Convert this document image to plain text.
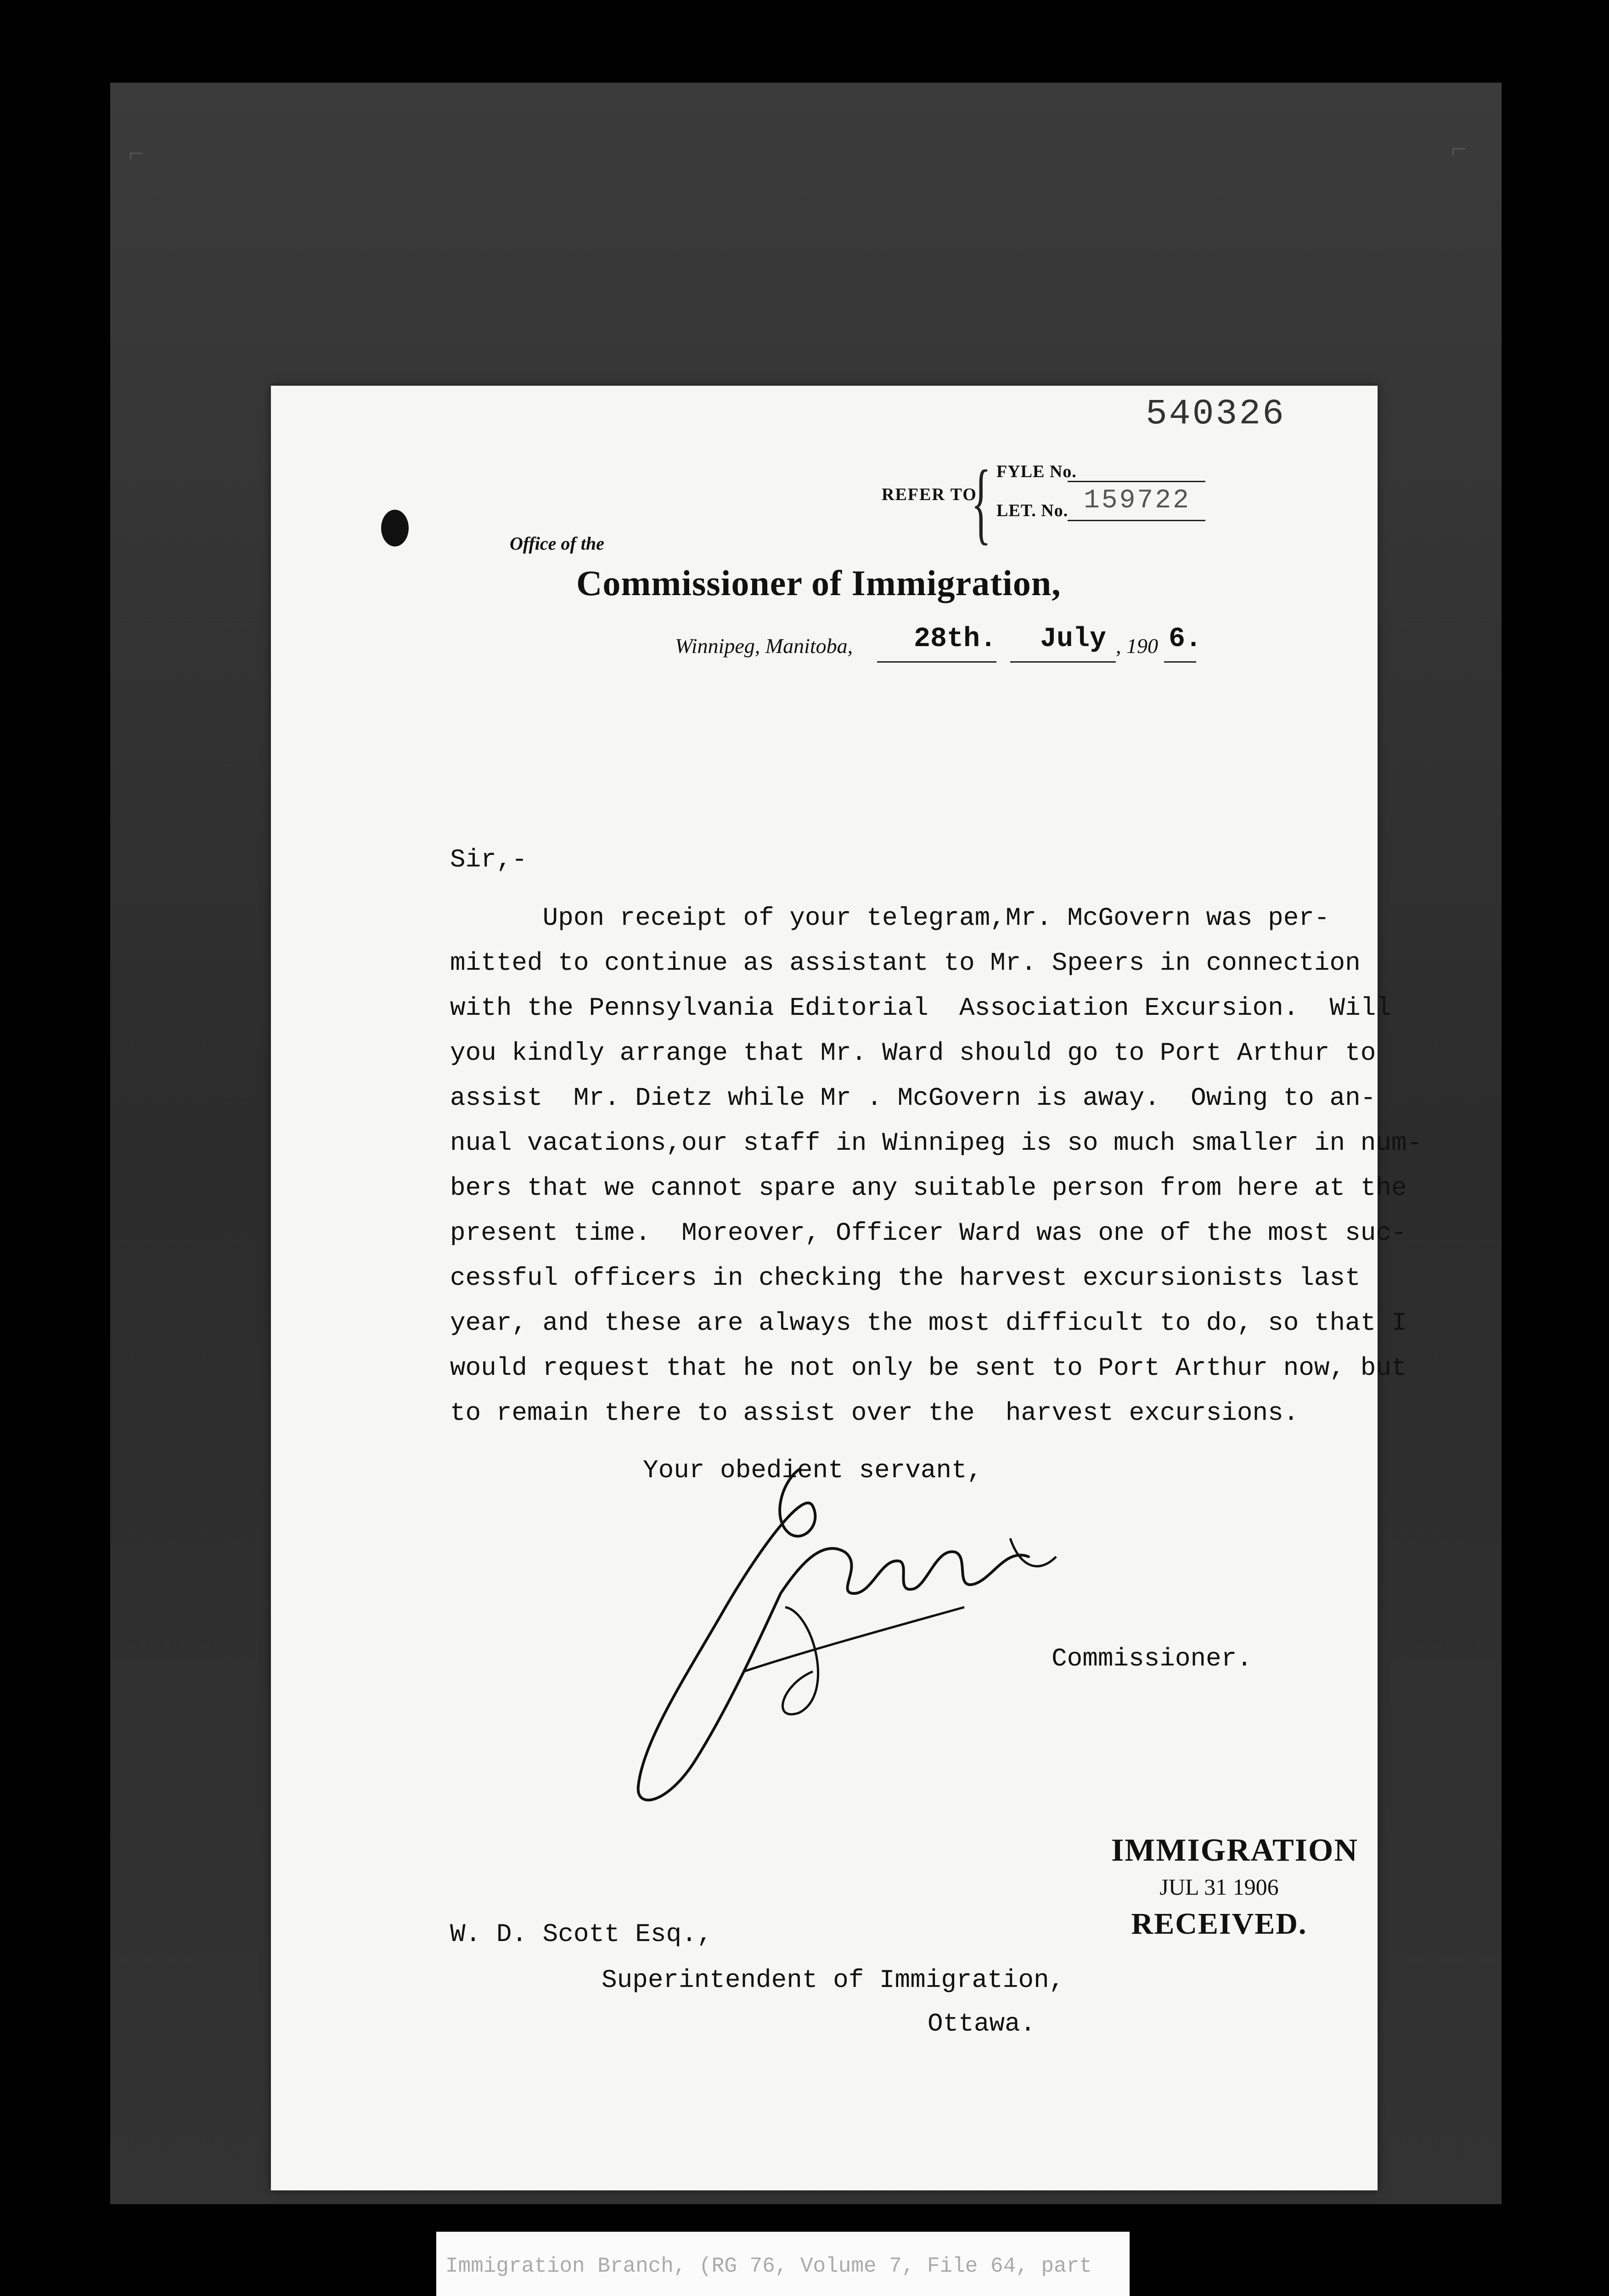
⌐	⌐
540326
REFER TO
{ FYLE No.
LET. No. 159722
Office of the
Commissioner of Immigration,
Winnipeg, Manitoba, 28th. July , 190 6.
Sir,-
Upon receipt of your telegram,Mr. McGovern was per-
mitted to continue as assistant to Mr. Speers in connection
with the Pennsylvania Editorial  Association Excursion.  Will
you kindly arrange that Mr. Ward should go to Port Arthur to
assist  Mr. Dietz while Mr . McGovern is away.  Owing to an-
nual vacations,our staff in Winnipeg is so much smaller in num-
bers that we cannot spare any suitable person from here at the
present time.  Moreover, Officer Ward was one of the most suc-
cessful officers in checking the harvest excursionists last
year, and these are always the most difficult to do, so that I
would request that he not only be sent to Port Arthur now, but
to remain there to assist over the  harvest excursions.
Your obedient servant,
Commissioner.
IMMIGRATION
JUL 31 1906
RECEIVED.
W. D. Scott Esq.,
Superintendent of Immigration,
Ottawa.
Immigration Branch, (RG 76, Volume 7, File 64, part
